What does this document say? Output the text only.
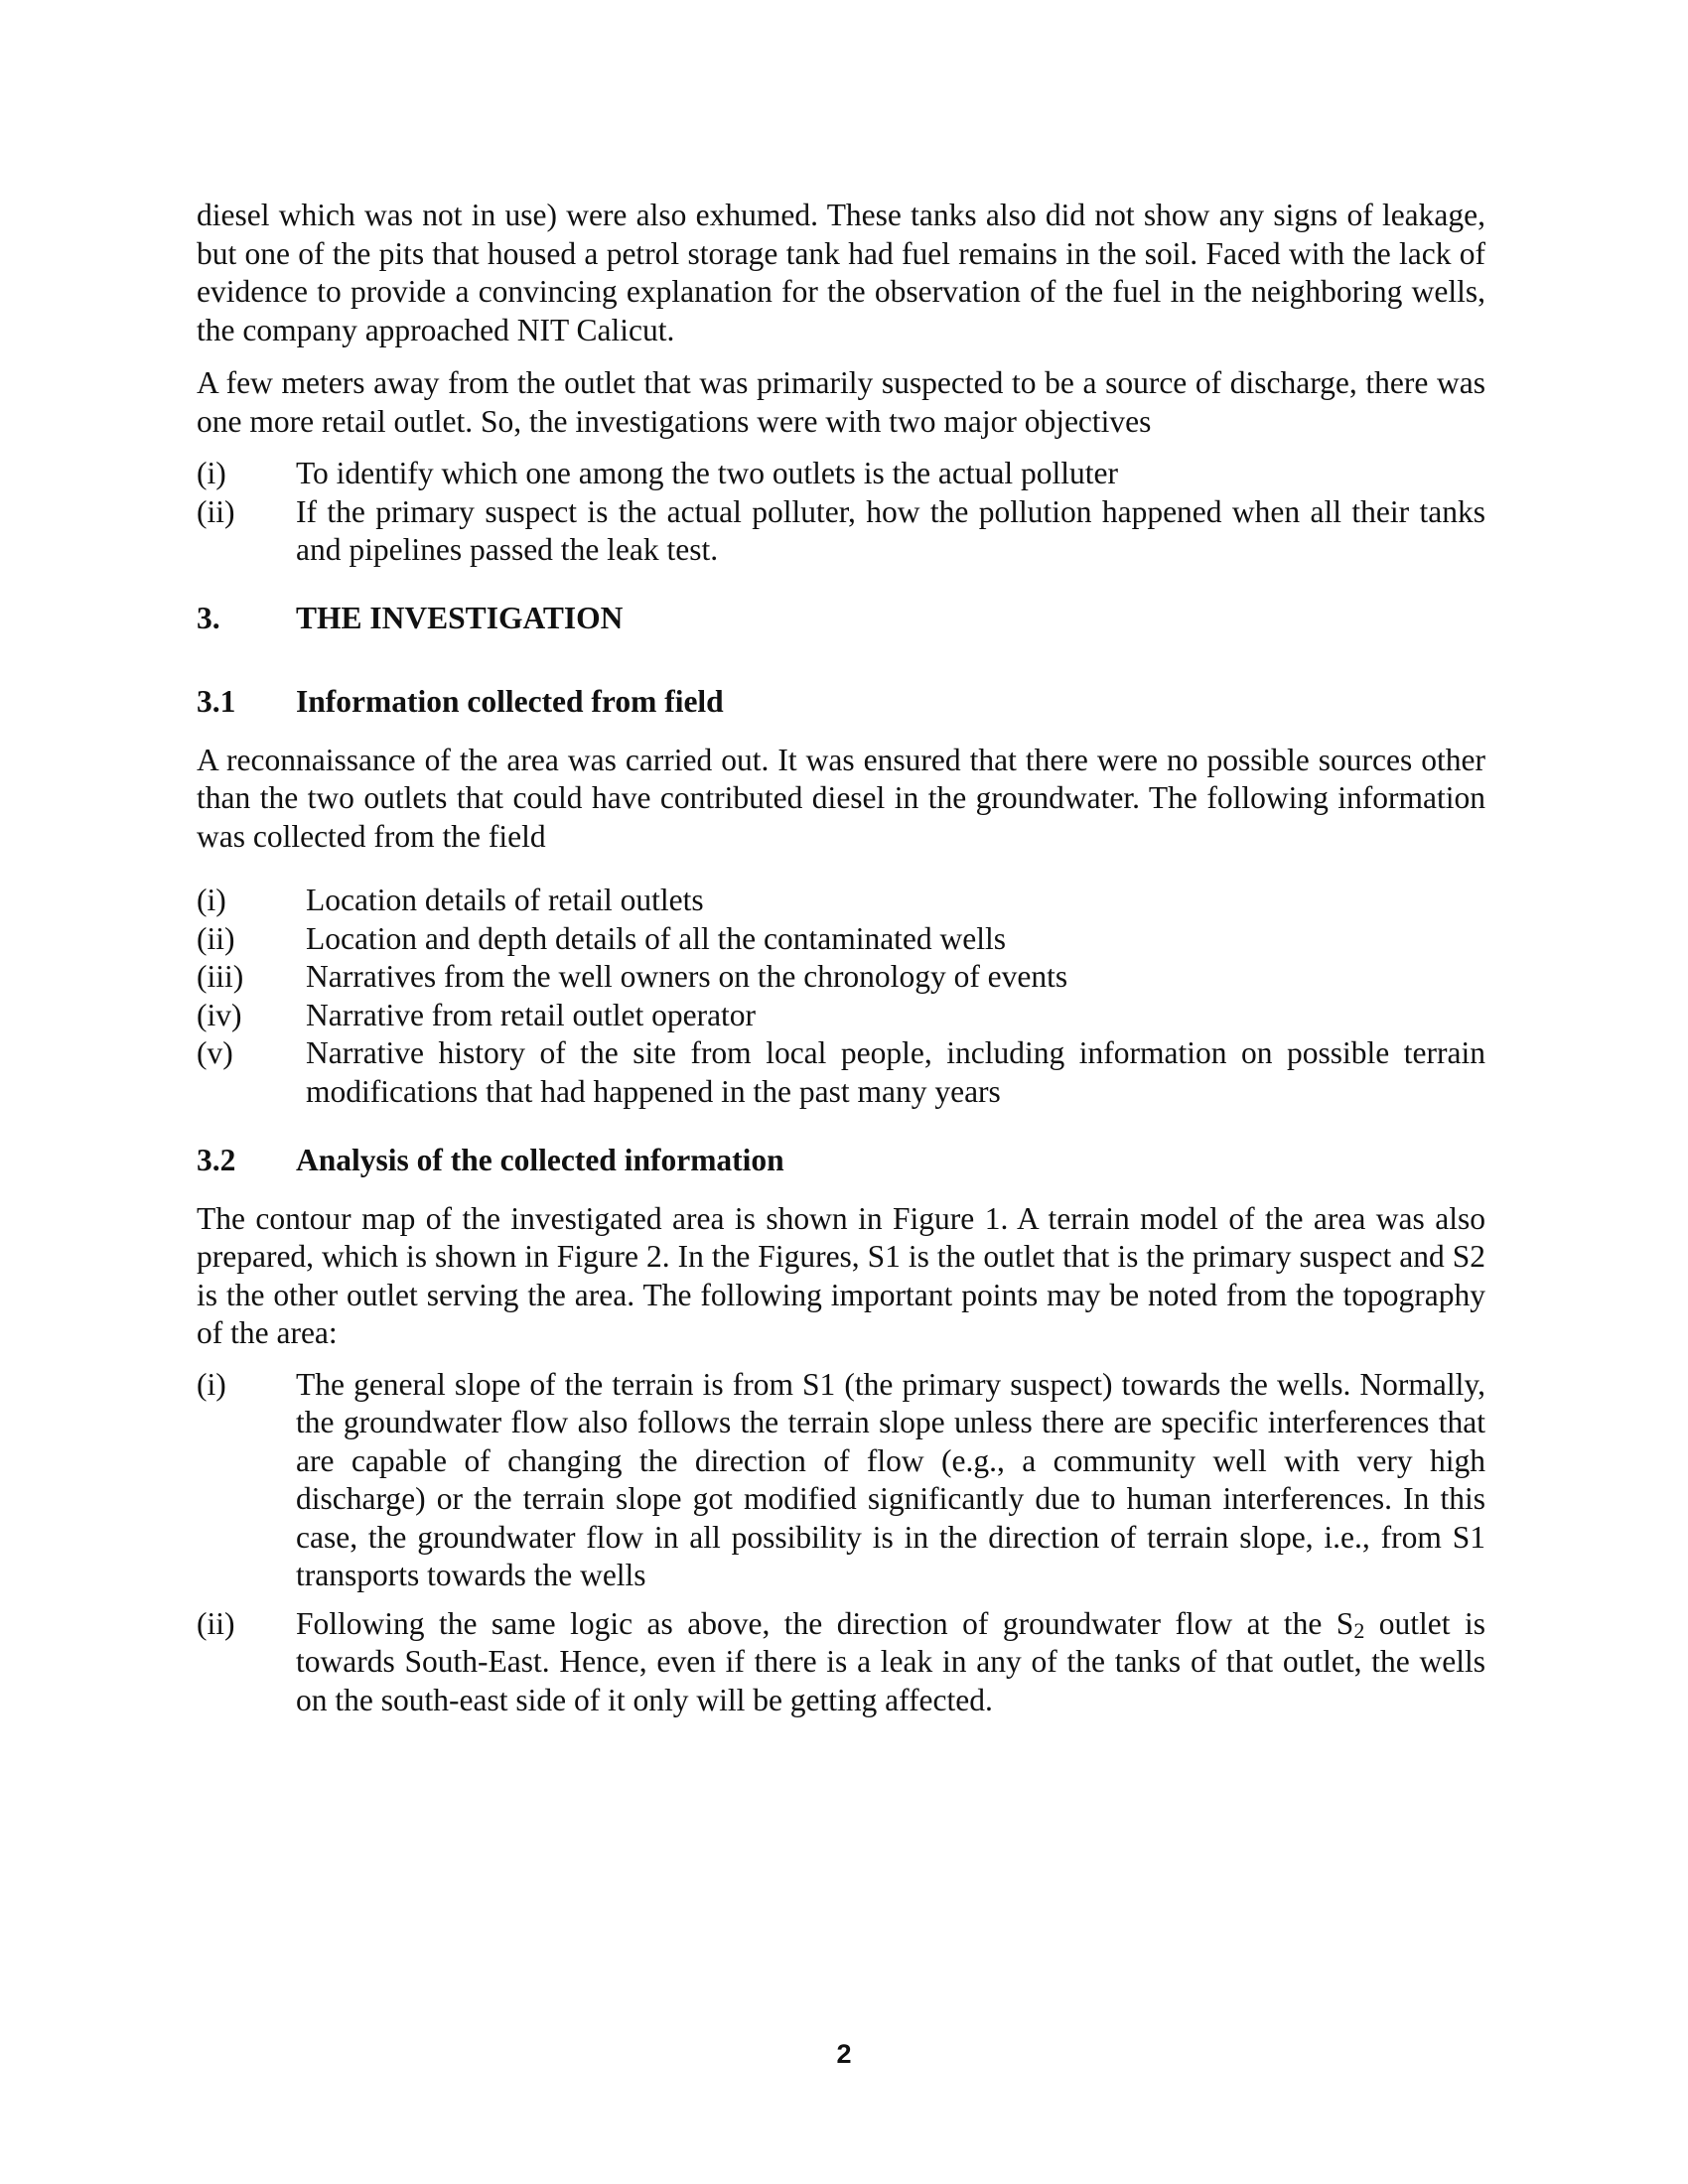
diesel which was not in use) were also exhumed. These tanks also did not show any signs of leakage, but one of the pits that housed a petrol storage tank had fuel remains in the soil. Faced with the lack of evidence to provide a convincing explanation for the observation of the fuel in the neighboring wells, the company approached NIT Calicut.

A few meters away from the outlet that was primarily suspected to be a source of discharge, there was one more retail outlet. So, the investigations were with two major objectives

(i)	To identify which one among the two outlets is the actual polluter
(ii)	If the primary suspect is the actual polluter, how the pollution happened when all their tanks and pipelines passed the leak test.
3.	THE INVESTIGATION
3.1	Information collected from field

A reconnaissance of the area was carried out. It was ensured that there were no possible sources other than the two outlets that could have contributed diesel in the groundwater. The following information was collected from the field

(i)	Location details of retail outlets
(ii)	Location and depth details of all the contaminated wells
(iii)	Narratives from the well owners on the chronology of events
(iv)	Narrative from retail outlet operator
(v)	Narrative history of the site from local people, including information on possible terrain modifications that had happened in the past many years
3.2	Analysis of the collected information

The contour map of the investigated area is shown in Figure 1. A terrain model of the area was also prepared, which is shown in Figure 2. In the Figures, S1 is the outlet that is the primary suspect and S2 is the other outlet serving the area. The following important points may be noted from the topography of the area:

(i)	The general slope of the terrain is from S1 (the primary suspect) towards the wells. Normally, the groundwater flow also follows the terrain slope unless there are specific interferences that are capable of changing the direction of flow (e.g., a community well with very high discharge) or the terrain slope got modified significantly due to human interferences. In this case, the groundwater flow in all possibility is in the direction of terrain slope, i.e., from S1 transports towards the wells
(ii)	Following the same logic as above, the direction of groundwater flow at the $S_2$ outlet is towards South-East. Hence, even if there is a leak in any of the tanks of that outlet, the wells on the south-east side of it only will be getting affected.
2
